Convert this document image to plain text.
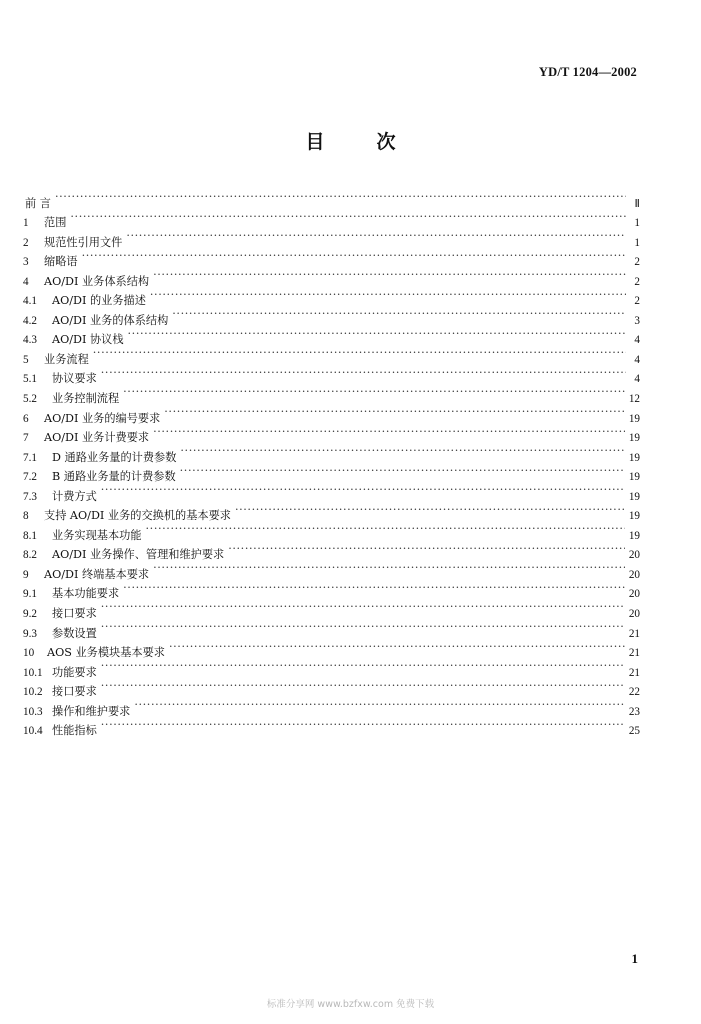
YD/T 1204—2002
目	次
前 言 ·····	Ⅱ
1	范围 ·····	1
2	规范性引用文件 ·····	1
3	缩略语 ·····	2
4	AO/DI 业务体系结构 ·····	2
4.1	AO/DI 的业务描述 ·····	2
4.2	AO/DI 业务的体系结构 ·····	3
4.3	AO/DI 协议栈 ·····	4
5	业务流程 ·····	4
5.1	协议要求 ·····	4
5.2	业务控制流程 ·····	12
6	AO/DI 业务的编号要求 ·····	19
7	AO/DI 业务计费要求 ·····	19
7.1	D 通路业务量的计费参数 ·····	19
7.2	B 通路业务量的计费参数 ·····	19
7.3	计费方式 ·····	19
8	支持 AO/DI 业务的交换机的基本要求 ·····	19
8.1	业务实现基本功能 ·····	19
8.2	AO/DI 业务操作、管理和维护要求 ·····	20
9	AO/DI 终端基本要求 ·····	20
9.1	基本功能要求 ·····	20
9.2	接口要求 ·····	20
9.3	参数设置 ·····	21
10	AOS 业务模块基本要求 ·····	21
10.1 功能要求 ·····	21
10.2 接口要求 ·····	22
10.3 操作和维护要求 ·····	23
10.4 性能指标 ·····	25
1
标准分享网 www.bzfxw.com 免费下载
